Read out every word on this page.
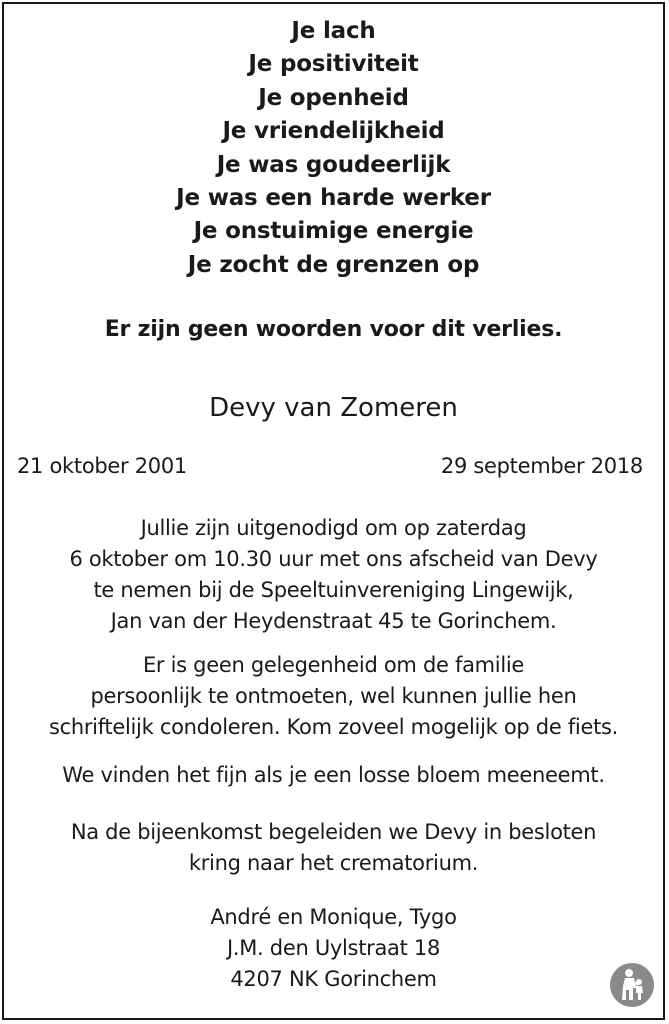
Je lach
Je positiviteit
Je openheid
Je vriendelijkheid
Je was goudeerlijk
Je was een harde werker
Je onstuimige energie
Je zocht de grenzen op
Er zijn geen woorden voor dit verlies.
Devy van Zomeren
21 oktober 2001	29 september 2018
Jullie zijn uitgenodigd om op zaterdag
6 oktober om 10.30 uur met ons afscheid van Devy
te nemen bij de Speeltuinvereniging Lingewijk,
Jan van der Heydenstraat 45 te Gorinchem.
Er is geen gelegenheid om de familie
persoonlijk te ontmoeten, wel kunnen jullie hen
schriftelijk condoleren. Kom zoveel mogelijk op de fiets.
We vinden het fijn als je een losse bloem meeneemt.
Na de bijeenkomst begeleiden we Devy in besloten
kring naar het crematorium.
André en Monique, Tygo
J.M. den Uylstraat 18
4207 NK Gorinchem
